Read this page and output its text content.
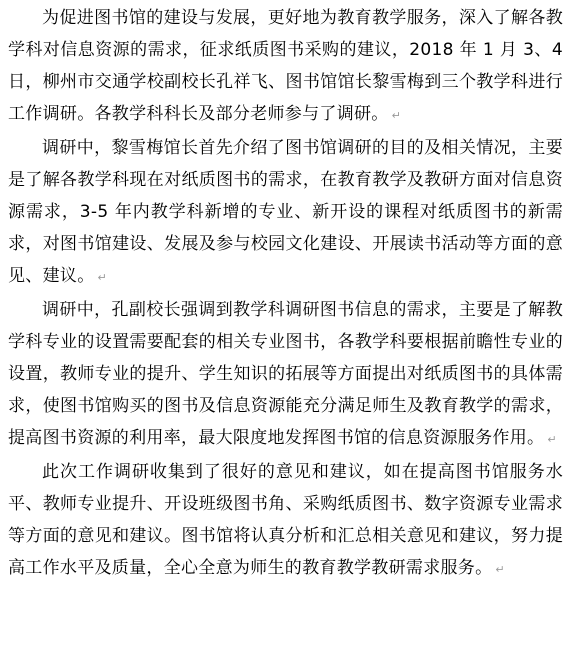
为促进图书馆的建设与发展，更好地为教育教学服务，深入了解各教学科对信息资源的需求，征求纸质图书采购的建议，2018 年 1 月 3、4 日，柳州市交通学校副校长孔祥飞、图书馆馆长黎雪梅到三个教学科进行工作调研。各教学科科长及部分老师参与了调研。 ↵

调研中，黎雪梅馆长首先介绍了图书馆调研的目的及相关情况，主要是了解各教学科现在对纸质图书的需求，在教育教学及教研方面对信息资源需求，3-5 年内教学科新增的专业、新开设的课程对纸质图书的新需求，对图书馆建设、发展及参与校园文化建设、开展读书活动等方面的意见、建议。 ↵

调研中，孔副校长强调到教学科调研图书信息的需求，主要是了解教学科专业的设置需要配套的相关专业图书，各教学科要根据前瞻性专业的设置，教师专业的提升、学生知识的拓展等方面提出对纸质图书的具体需求，使图书馆购买的图书及信息资源能充分满足师生及教育教学的需求，提高图书资源的利用率，最大限度地发挥图书馆的信息资源服务作用。 ↵

此次工作调研收集到了很好的意见和建议，如在提高图书馆服务水平、教师专业提升、开设班级图书角、采购纸质图书、数字资源专业需求等方面的意见和建议。图书馆将认真分析和汇总相关意见和建议，努力提高工作水平及质量，全心全意为师生的教育教学教研需求服务。 ↵
